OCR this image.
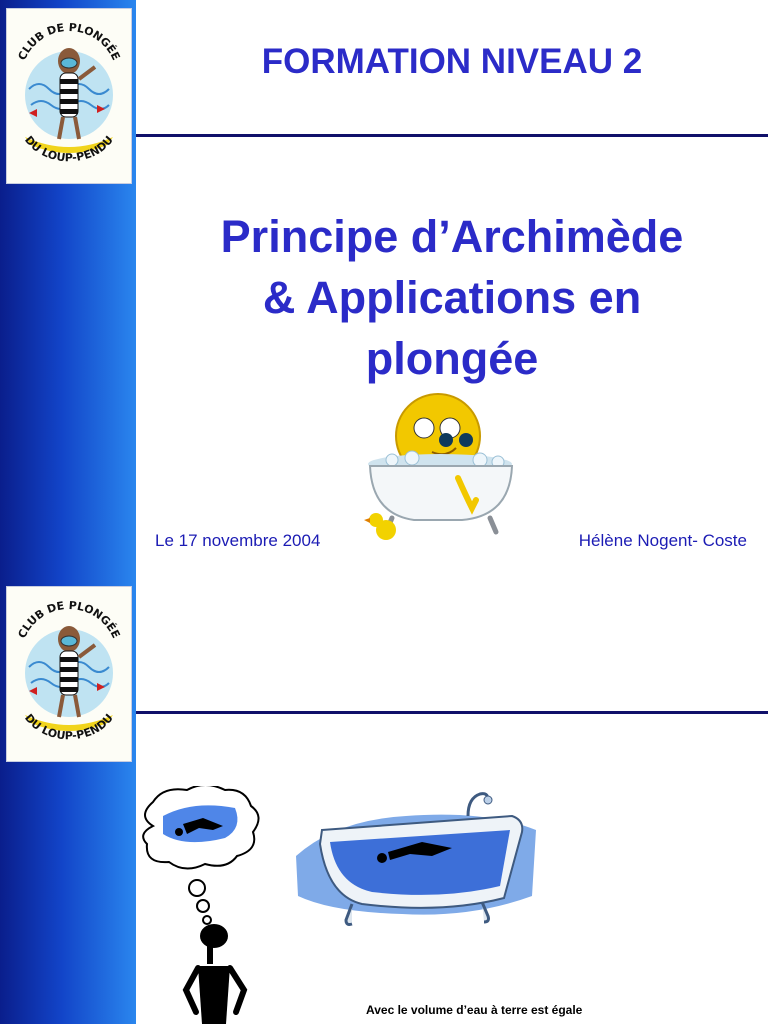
CLUB DE PLONGÉE
DU LOUP-PENDU
FORMATION NIVEAU 2
Principe d’Archimède
& Applications en
plongée
Le 17 novembre 2004	Hélène Nogent- Coste
CLUB DE PLONGÉE
DU LOUP-PENDU
Avec le volume d’eau à terre est égale
